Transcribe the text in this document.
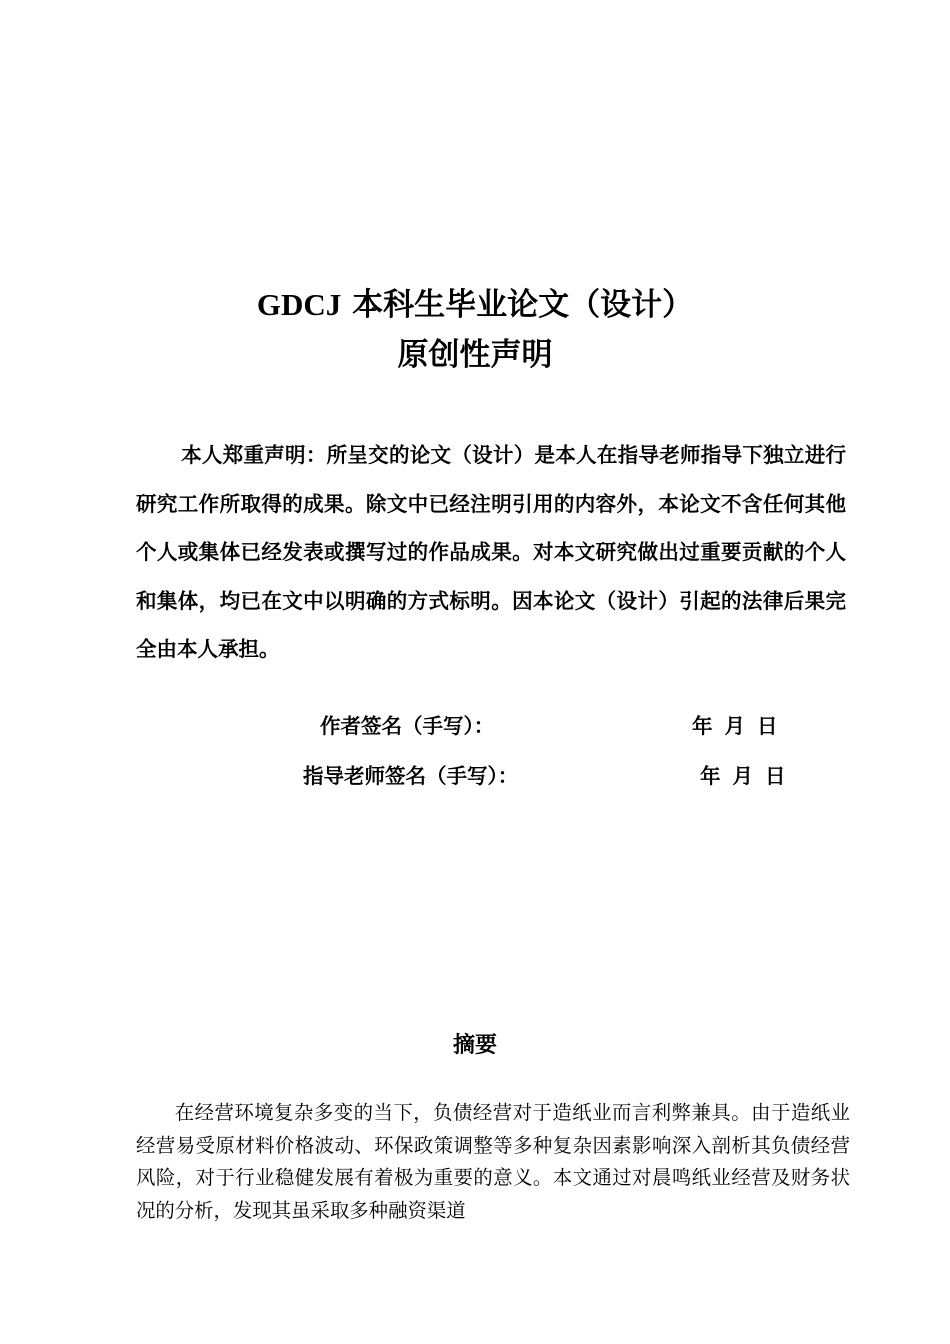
GDCJ 本科生毕业论文（设计）
原创性声明

本人郑重声明：所呈交的论文（设计）是本人在指导老师指导下独立进行研究工作所取得的成果。除文中已经注明引用的内容外，本论文不含任何其他个人或集体已经发表或撰写过的作品成果。对本文研究做出过重要贡献的个人和集体，均已在文中以明确的方式标明。因本论文（设计）引起的法律后果完全由本人承担。

作者签名（手写）：	年 月 日
指导老师签名（手写）：	年 月 日
摘要

在经营环境复杂多变的当下，负债经营对于造纸业而言利弊兼具。由于造纸业经营易受原材料价格波动、环保政策调整等多种复杂因素影响深入剖析其负债经营风险，对于行业稳健发展有着极为重要的意义。本文通过对晨鸣纸业经营及财务状况的分析，发现其虽采取多种融资渠道
